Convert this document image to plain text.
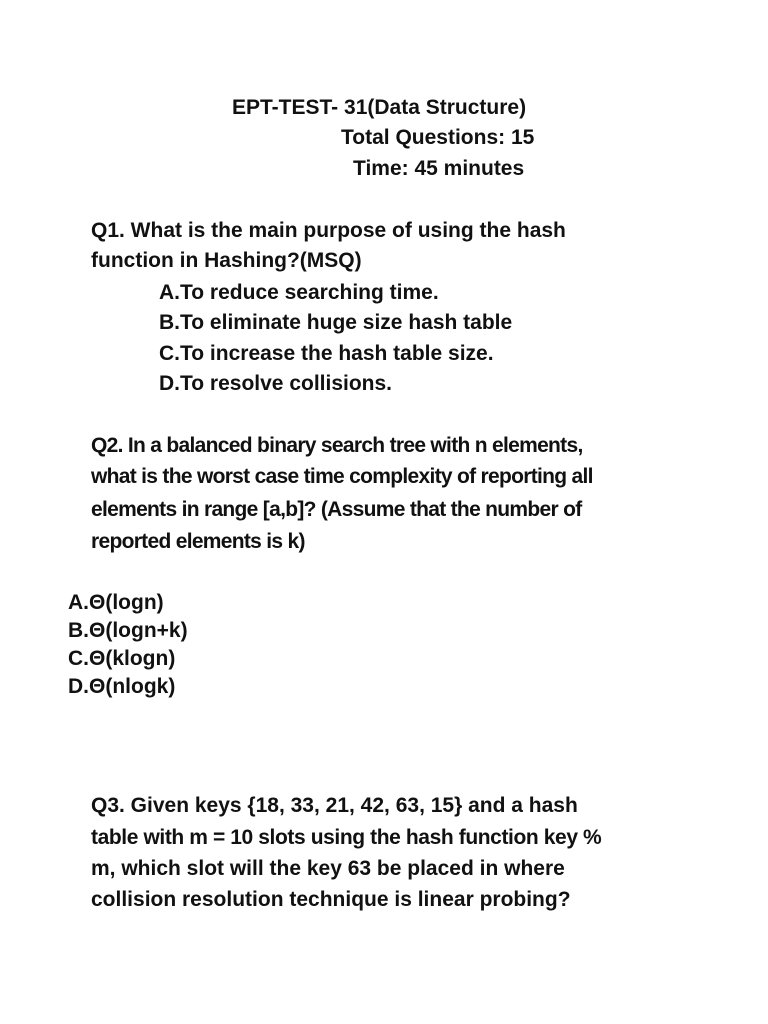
EPT-TEST- 31(Data Structure)
Total Questions: 15
Time: 45 minutes
Q1. What is the main purpose of using the hash
function in Hashing?(MSQ)
A.To reduce searching time.
B.To eliminate huge size hash table
C.To increase the hash table size.
D.To resolve collisions.
Q2. In a balanced binary search tree with n elements,
what is the worst case time complexity of reporting all
elements in range [a,b]? (Assume that the number of
reported elements is k)
A.Θ(logn)
B.Θ(logn+k)
C.Θ(klogn)
D.Θ(nlogk)
Q3. Given keys {18, 33, 21, 42, 63, 15} and a hash
table with m = 10 slots using the hash function key %
m, which slot will the key 63 be placed in where
collision resolution technique is linear probing?
